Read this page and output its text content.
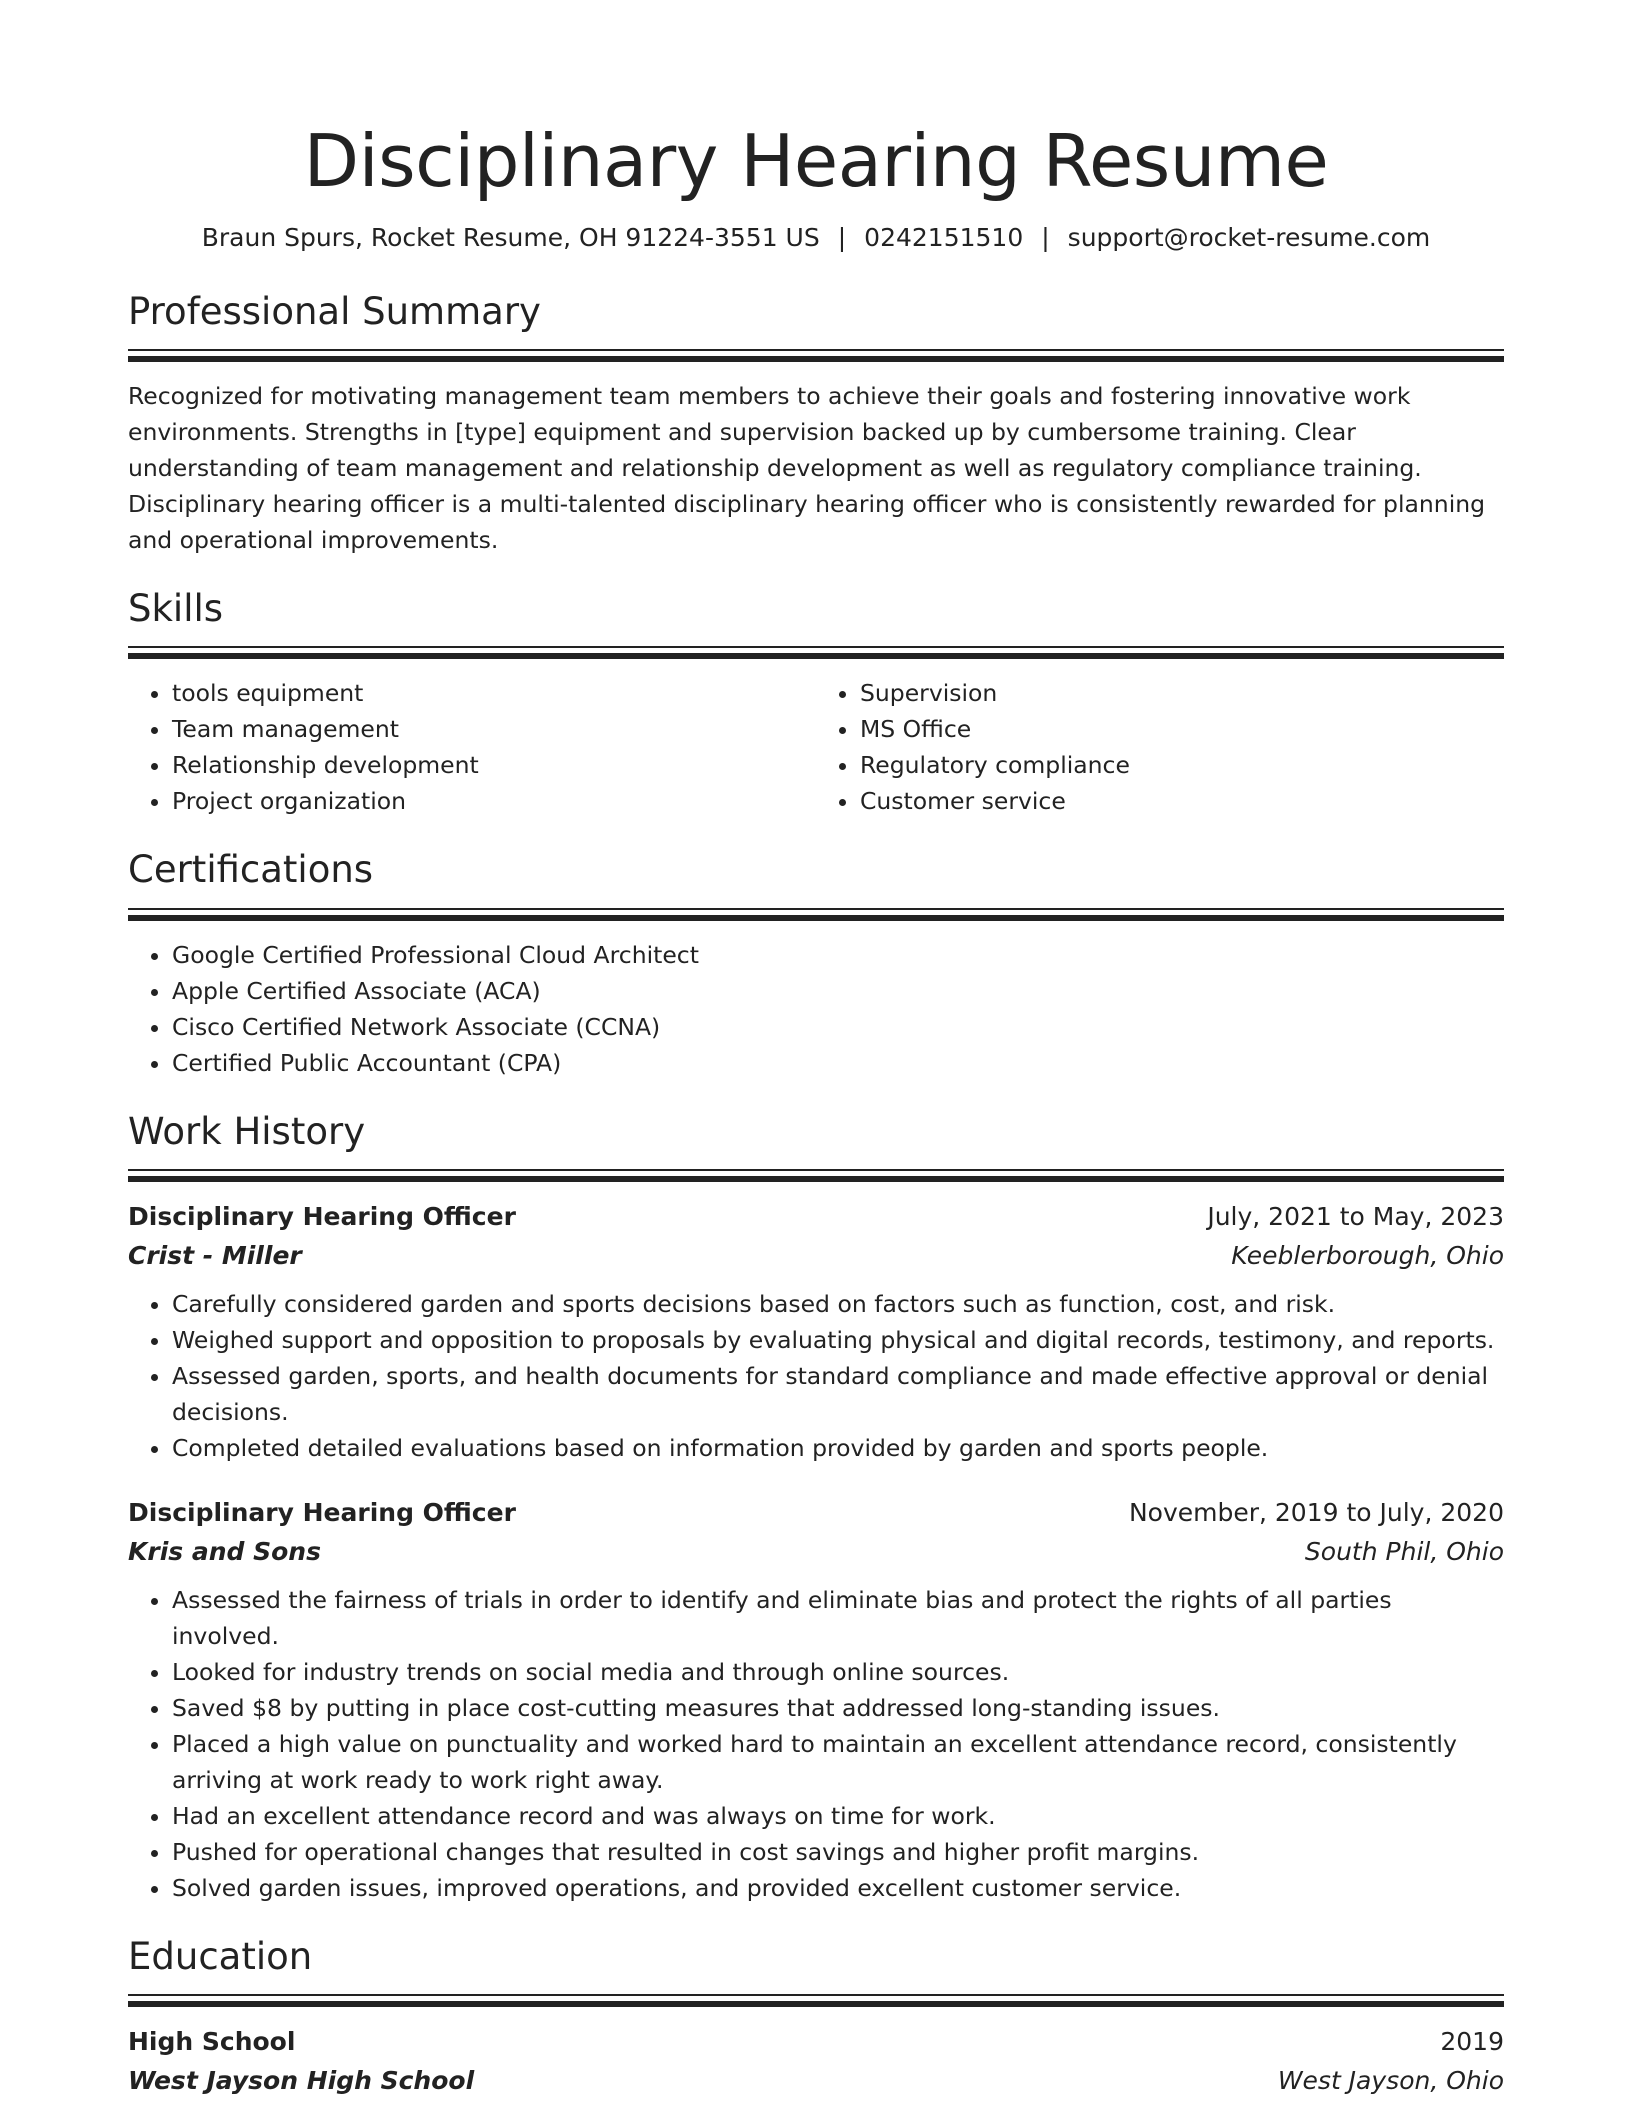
Disciplinary Hearing Resume
Braun Spurs, Rocket Resume, OH 91224-3551 US | 0242151510 | support@rocket-resume.com
Professional Summary
Recognized for motivating management team members to achieve their goals and fostering innovative work environments. Strengths in [type] equipment and supervision backed up by cumbersome training. Clear understanding of team management and relationship development as well as regulatory compliance training. Disciplinary hearing officer is a multi-talented disciplinary hearing officer who is consistently rewarded for planning and operational improvements.
Skills
• tools equipment
• Team management
• Relationship development
• Project organization
• Supervision
• MS Office
• Regulatory compliance
• Customer service
Certifications
• Google Certified Professional Cloud Architect
• Apple Certified Associate (ACA)
• Cisco Certified Network Associate (CCNA)
• Certified Public Accountant (CPA)
Work History
Disciplinary Hearing Officer	July, 2021 to May, 2023
Crist - Miller	Keeblerborough, Ohio
• Carefully considered garden and sports decisions based on factors such as function, cost, and risk.
• Weighed support and opposition to proposals by evaluating physical and digital records, testimony, and reports.
• Assessed garden, sports, and health documents for standard compliance and made effective approval or denial decisions.
• Completed detailed evaluations based on information provided by garden and sports people.
Disciplinary Hearing Officer	November, 2019 to July, 2020
Kris and Sons	South Phil, Ohio
• Assessed the fairness of trials in order to identify and eliminate bias and protect the rights of all parties involved.
• Looked for industry trends on social media and through online sources.
• Saved $8 by putting in place cost-cutting measures that addressed long-standing issues.
• Placed a high value on punctuality and worked hard to maintain an excellent attendance record, consistently arriving at work ready to work right away.
• Had an excellent attendance record and was always on time for work.
• Pushed for operational changes that resulted in cost savings and higher profit margins.
• Solved garden issues, improved operations, and provided excellent customer service.
Education
High School	2019
West Jayson High School	West Jayson, Ohio
